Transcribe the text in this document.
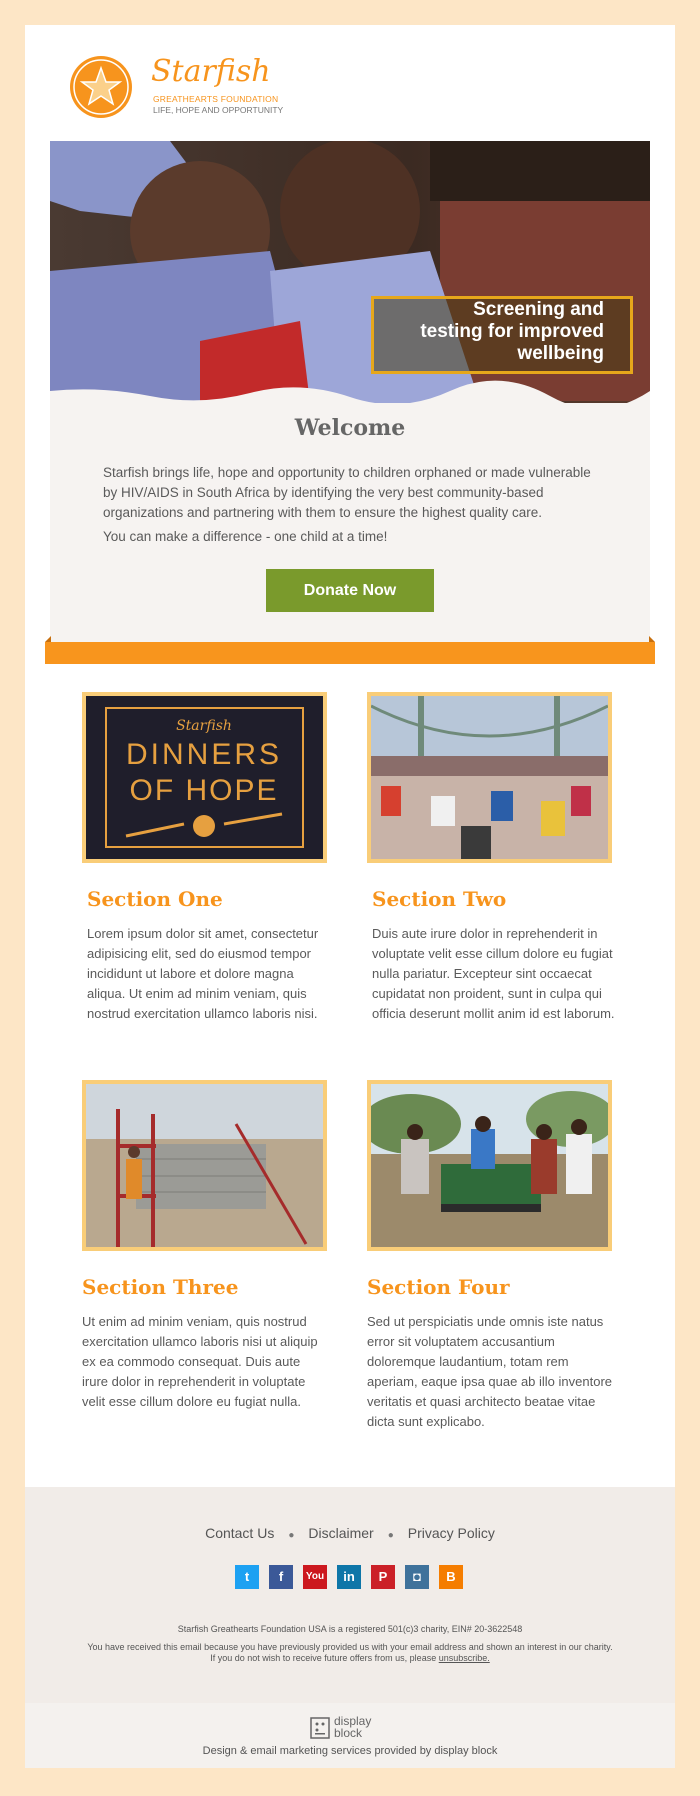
Starfish
GREATHEARTS FOUNDATION
LIFE, HOPE AND OPPORTUNITY
Screening and
testing for improved
wellbeing
Welcome

Starfish brings life, hope and opportunity to children orphaned or made vulnerable by HIV/AIDS in South Africa by identifying the very best community-based organizations and partnering with them to ensure the highest quality care.

You can make a difference - one child at a time!

Donate Now
Starfish
DINNERS
OF HOPE
Section One

Lorem ipsum dolor sit amet, consectetur adipisicing elit, sed do eiusmod tempor incididunt ut labore et dolore magna aliqua. Ut enim ad minim veniam, quis nostrud exercitation ullamco laboris nisi.

Section Two

Duis aute irure dolor in reprehenderit in voluptate velit esse cillum dolore eu fugiat nulla pariatur. Excepteur sint occaecat cupidatat non proident, sunt in culpa qui officia deserunt mollit anim id est laborum.

Section Three

Ut enim ad minim veniam, quis nostrud exercitation ullamco laboris nisi ut aliquip ex ea commodo consequat. Duis aute irure dolor in reprehenderit in voluptate velit esse cillum dolore eu fugiat nulla.

Section Four

Sed ut perspiciatis unde omnis iste natus error sit voluptatem accusantium doloremque laudantium, totam rem aperiam, eaque ipsa quae ab illo inventore veritatis et quasi architecto beatae vitae dicta sunt explicabo.

Contact Us ● Disclaimer ● Privacy Policy
t f You in P ◘ B
Starfish Greathearts Foundation USA is a registered 501(c)3 charity, EIN# 20-3622548
You have received this email because you have previously provided us with your email address and shown an interest in our charity.
If you do not wish to receive future offers from us, please unsubscribe.
display
block
Design & email marketing services provided by display block
